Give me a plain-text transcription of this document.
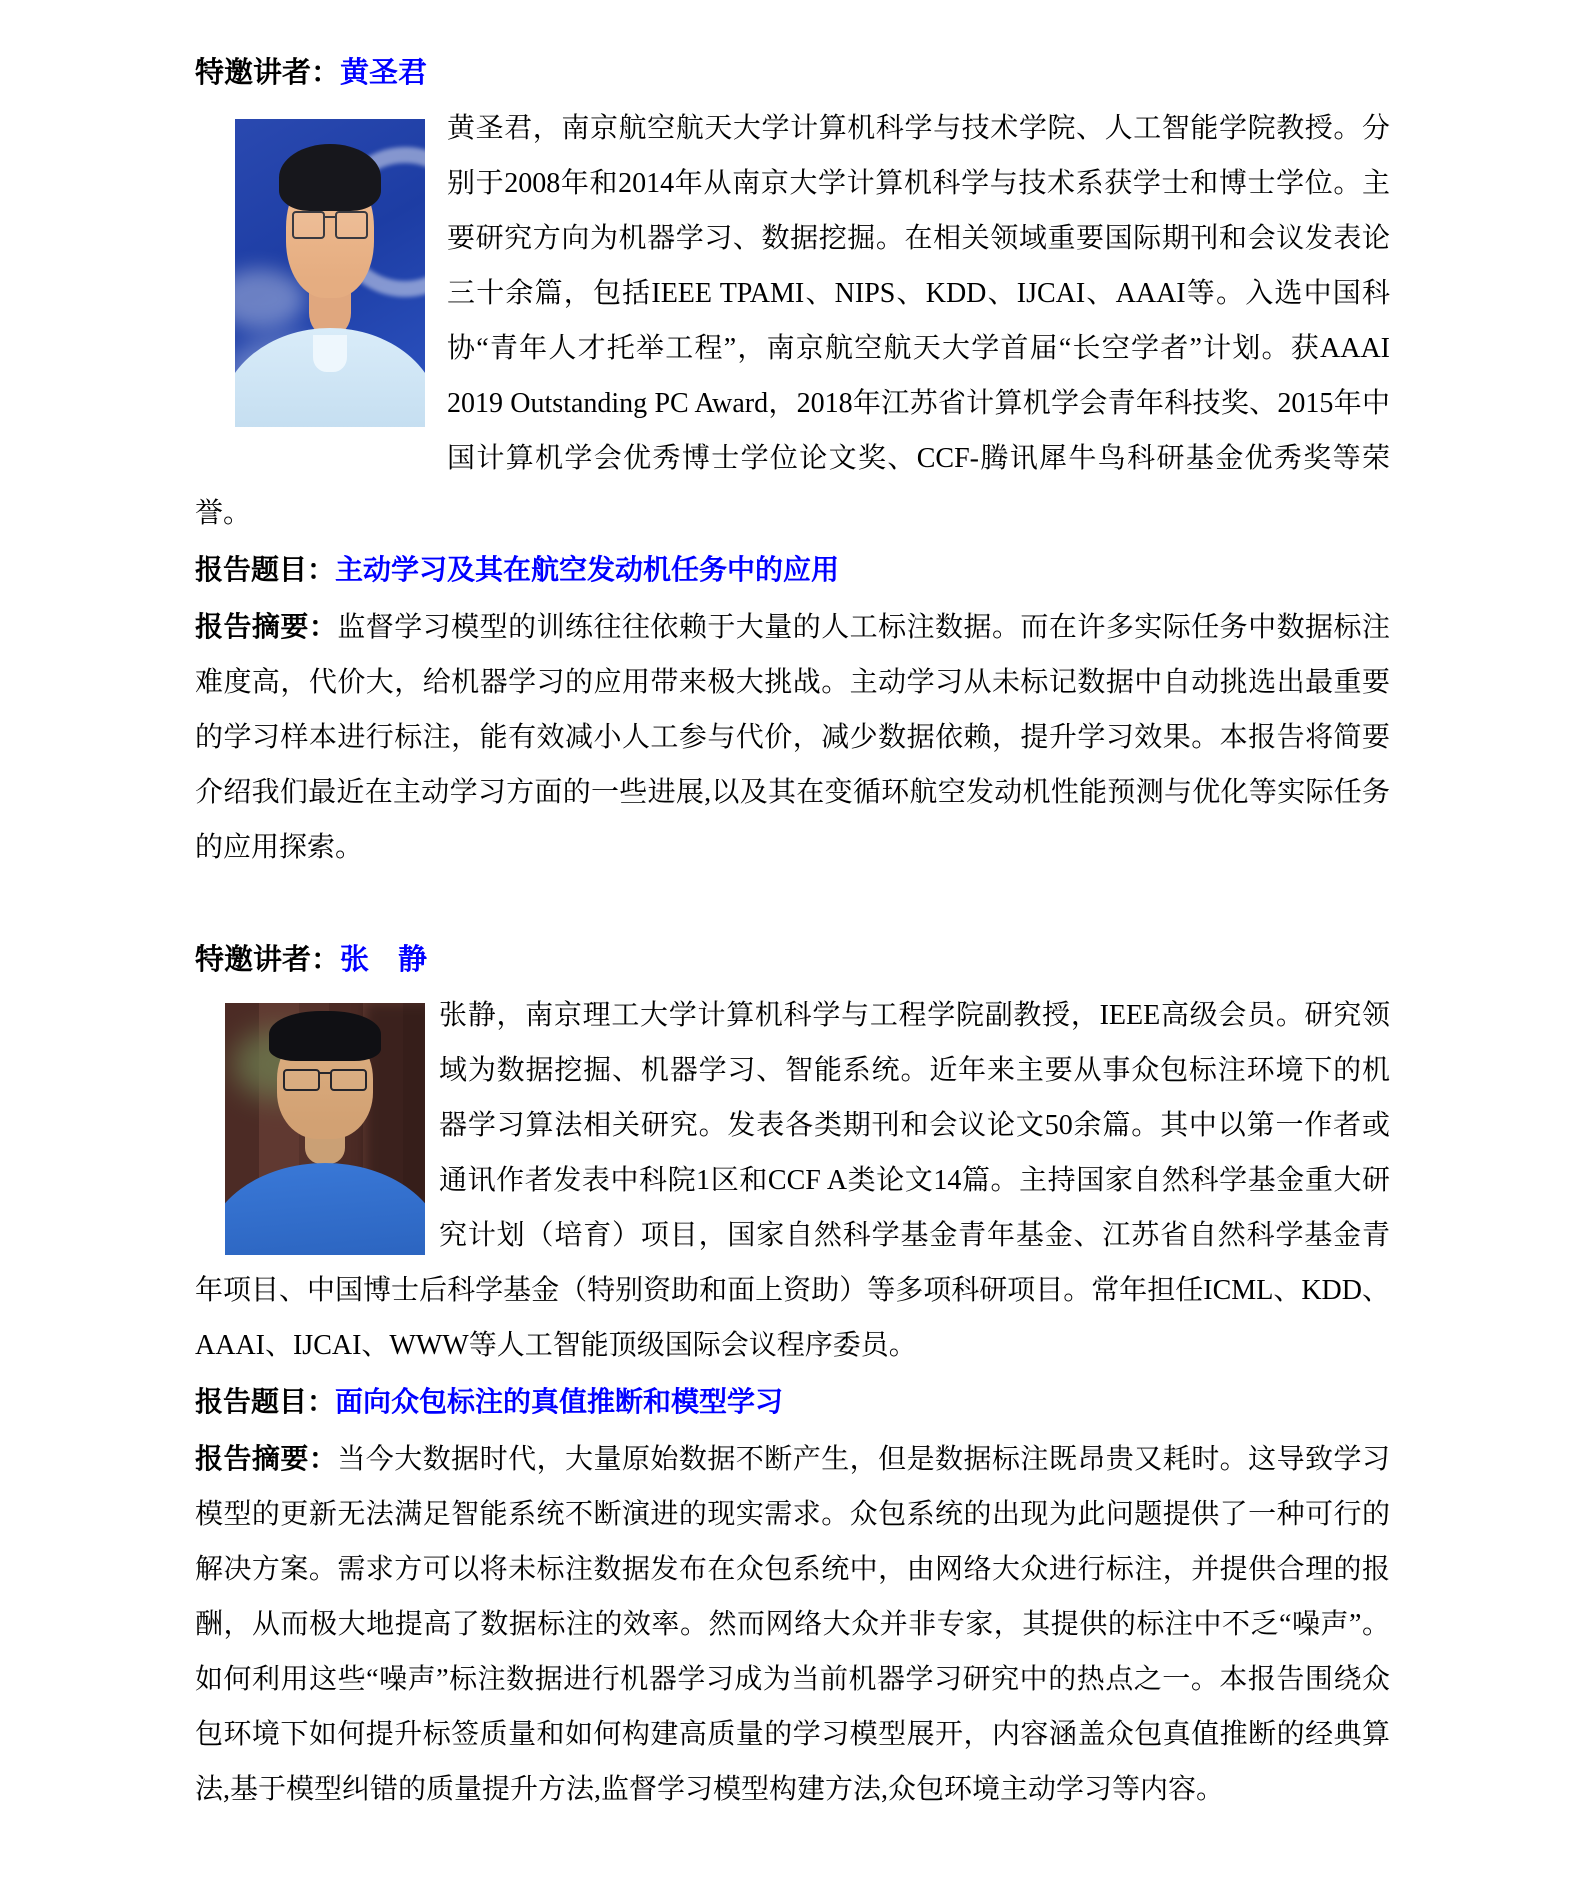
特邀讲者：黄圣君

黄圣君，南京航空航天大学计算机科学与技术学院、人工智能学院教授。分别于2008年和2014年从南京大学计算机科学与技术系获学士和博士学位。主要研究方向为机器学习、数据挖掘。在相关领域重要国际期刊和会议发表论三十余篇，包括IEEE TPAMI、NIPS、KDD、IJCAI、AAAI等。入选中国科协“青年人才托举工程”，南京航空航天大学首届“长空学者”计划。获AAAI 2019 Outstanding PC Award，2018年江苏省计算机学会青年科技奖、2015年中国计算机学会优秀博士学位论文奖、CCF-腾讯犀牛鸟科研基金优秀奖等荣誉。

报告题目：主动学习及其在航空发动机任务中的应用

报告摘要：监督学习模型的训练往往依赖于大量的人工标注数据。而在许多实际任务中数据标注难度高，代价大，给机器学习的应用带来极大挑战。主动学习从未标记数据中自动挑选出最重要的学习样本进行标注，能有效减小人工参与代价，减少数据依赖，提升学习效果。本报告将简要介绍我们最近在主动学习方面的一些进展,以及其在变循环航空发动机性能预测与优化等实际任务的应用探索。

特邀讲者：张　静

张静，南京理工大学计算机科学与工程学院副教授，IEEE高级会员。研究领域为数据挖掘、机器学习、智能系统。近年来主要从事众包标注环境下的机器学习算法相关研究。发表各类期刊和会议论文50余篇。其中以第一作者或通讯作者发表中科院1区和CCF A类论文14篇。主持国家自然科学基金重大研究计划（培育）项目，国家自然科学基金青年基金、江苏省自然科学基金青年项目、中国博士后科学基金（特别资助和面上资助）等多项科研项目。常年担任ICML、KDD、AAAI、IJCAI、WWW等人工智能顶级国际会议程序委员。

报告题目：面向众包标注的真值推断和模型学习

报告摘要：当今大数据时代，大量原始数据不断产生，但是数据标注既昂贵又耗时。这导致学习模型的更新无法满足智能系统不断演进的现实需求。众包系统的出现为此问题提供了一种可行的解决方案。需求方可以将未标注数据发布在众包系统中，由网络大众进行标注，并提供合理的报酬，从而极大地提高了数据标注的效率。然而网络大众并非专家，其提供的标注中不乏“噪声”。如何利用这些“噪声”标注数据进行机器学习成为当前机器学习研究中的热点之一。本报告围绕众包环境下如何提升标签质量和如何构建高质量的学习模型展开，内容涵盖众包真值推断的经典算法,基于模型纠错的质量提升方法,监督学习模型构建方法,众包环境主动学习等内容。
